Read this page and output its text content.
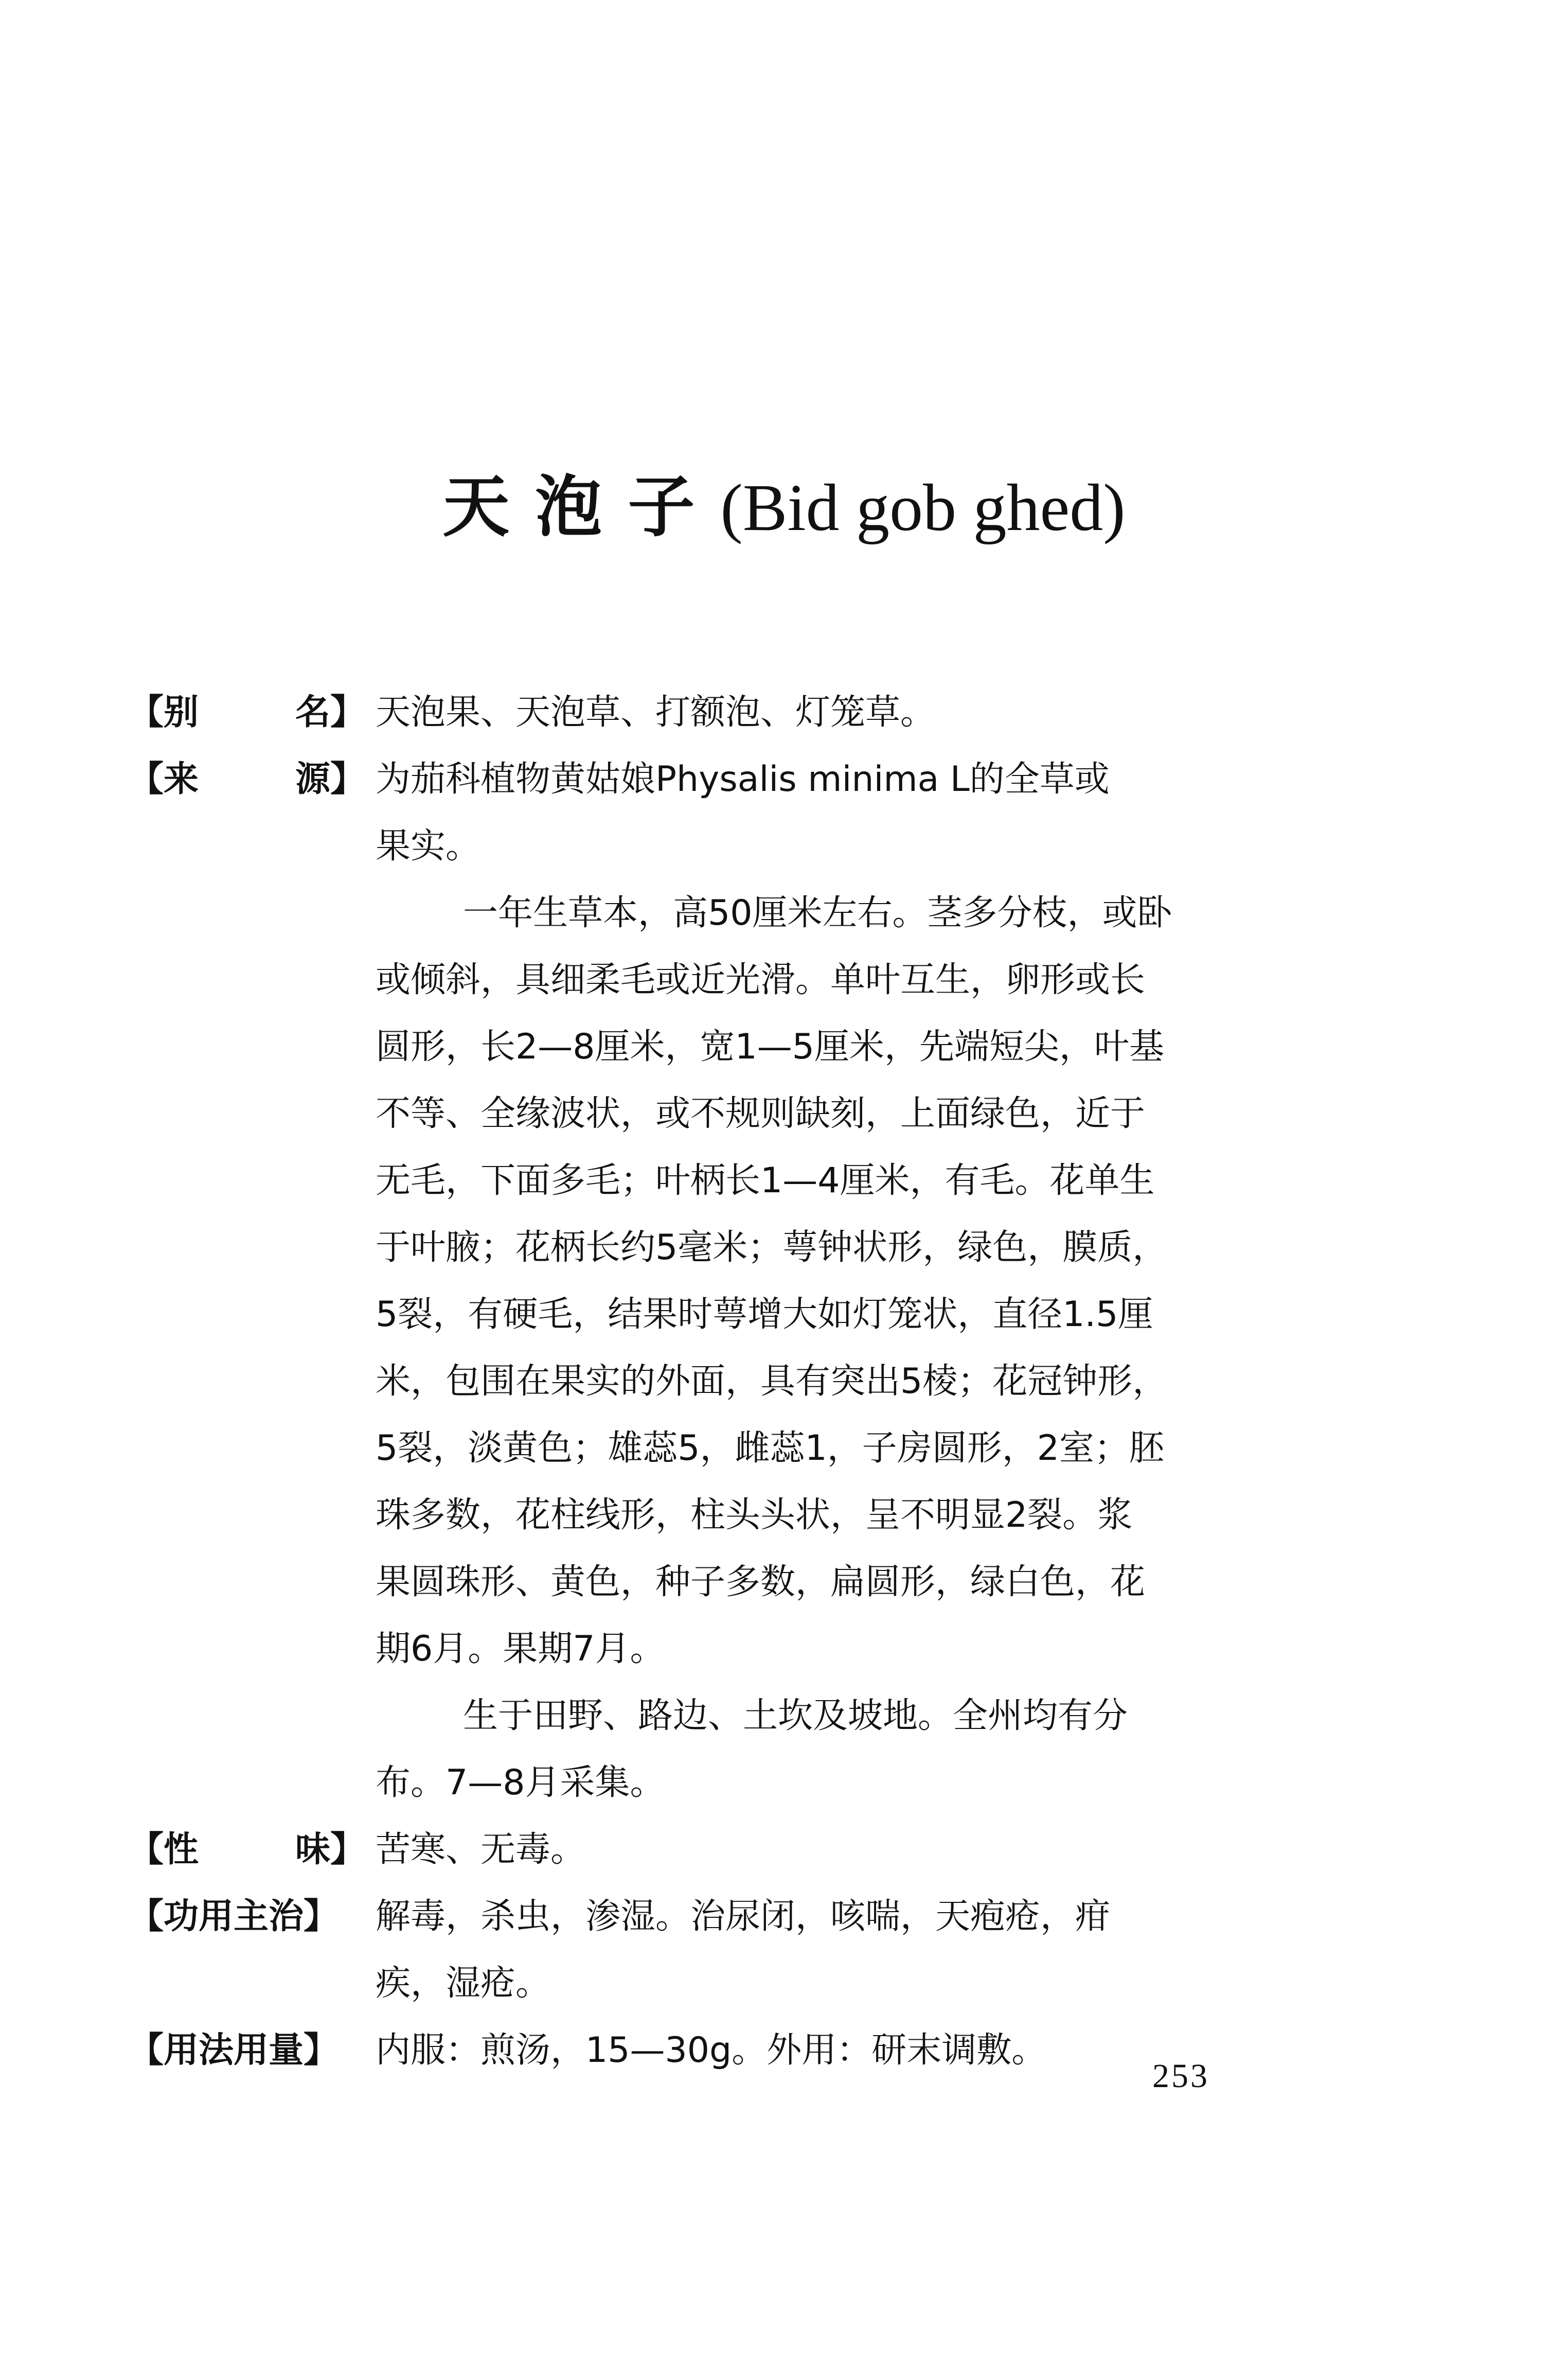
天泡子(Bid gob ghed)
【别	名】 天泡果、天泡草、打额泡、灯笼草。
【来	源】 为茄科植物黄姑娘Physalis minima L的全草或
果实。
一年生草本，高50厘米左右。茎多分枝，或卧
或倾斜，具细柔毛或近光滑。单叶互生，卵形或长
圆形，长2—8厘米，宽1—5厘米，先端短尖，叶基
不等、全缘波状，或不规则缺刻，上面绿色，近于
无毛，下面多毛；叶柄长1—4厘米，有毛。花单生
于叶腋；花柄长约5毫米；萼钟状形，绿色，膜质，
5裂，有硬毛，结果时萼增大如灯笼状，直径1.5厘
米，包围在果实的外面，具有突出5棱；花冠钟形，
5裂，淡黄色；雄蕊5，雌蕊1，子房圆形，2室；胚
珠多数，花柱线形，柱头头状，呈不明显2裂。浆
果圆珠形、黄色，种子多数，扁圆形，绿白色，花
期6月。果期7月。
生于田野、路边、土坎及坡地。全州均有分
布。7—8月采集。
【性	味】 苦寒、无毒。
【功用主治】	解毒，杀虫，渗湿。治尿闭，咳喘，天疱疮，疳
疾，湿疮。
【用法用量】	内服：煎汤，15—30g。外用：研末调敷。
253
